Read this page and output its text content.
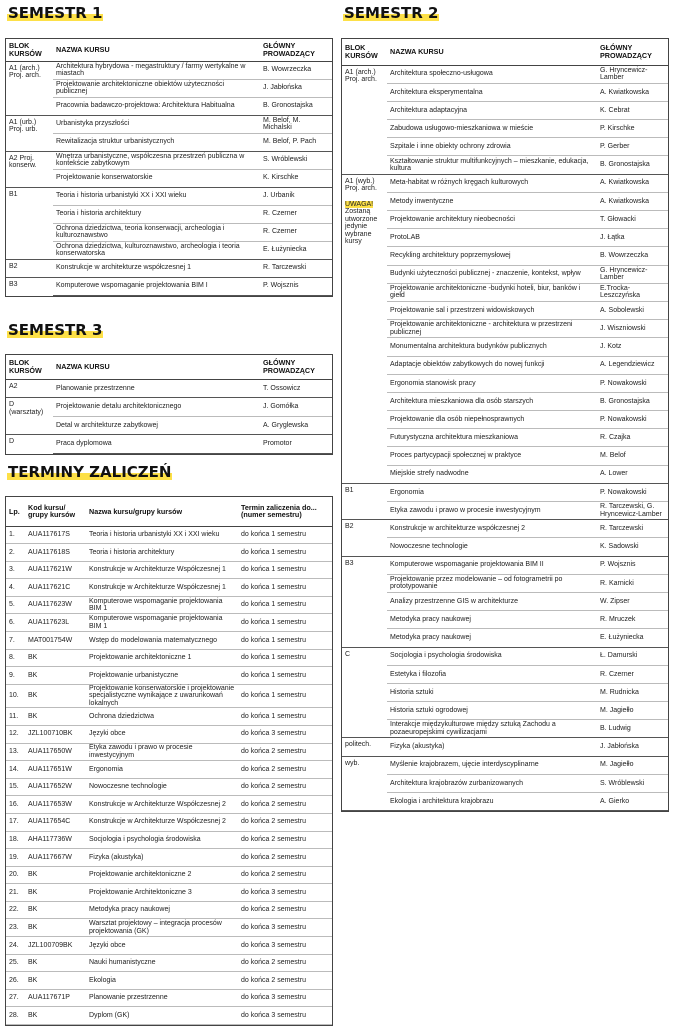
SEMESTR 1
BLOK KURSÓW	NAZWA KURSU	GŁÓWNY PROWADZĄCY

A1 (arch.) Proj. arch.	Architektura hybrydowa - megastruktury / farmy wertykalne w miastach	B. Wowrzeczka
	Projektowanie architektoniczne obiektów użyteczności publicznej	J. Jabłońska
	Pracownia badawczo-projektowa: Architektura Habitualna	B. Gronostajska

A1 (urb.) Proj. urb.	Urbanistyka przyszłości	M. Belof, M. Michalski
	Rewitalizacja struktur urbanistycznych	M. Belof, P. Pach

A2 Proj. konserw.	Wnętrza urbanistyczne, współczesna przestrzeń publiczna w kontekście zabytkowym	S. Wróblewski
	Projektowanie konserwatorskie	K. Kirschke

B1	Teoria i historia urbanistyki XX i XXI wieku	J. Urbanik
	Teoria i historia architektury	R. Czerner
	Ochrona dziedzictwa, teoria konserwacji, archeologia i kulturoznawstwo	R. Czerner
	Ochrona dziedzictwa, kulturoznawstwo, archeologia i teoria konserwatorska	E. Łużyniecka

B2	Konstrukcje w architekturze współczesnej 1	R. Tarczewski

B3	Komputerowe wspomaganie projektowania BIM I	P. Wojsznis
SEMESTR 3
BLOK KURSÓW	NAZWA KURSU	GŁÓWNY PROWADZĄCY

A2	Planowanie przestrzenne	T. Ossowicz

D (warsztaty)	Projektowanie detalu architektonicznego	J. Gomółka
	Detal w architekturze zabytkowej	A. Gryglewska

D	Praca dyplomowa	Promotor
TERMINY ZALICZEŃ
Lp.	Kod kursu/ grupy kursów	Nazwa kursu/grupy kursów	Termin zaliczenia do... (numer semestru)
1.	AUA117617S	Teoria i historia urbanistyki XX i XXI wieku	do końca 1 semestru
2.	AUA117618S	Teoria i historia architektury	do końca 1 semestru
3.	AUA117621W	Konstrukcje w Architekturze Współczesnej 1	do końca 1 semestru
4.	AUA117621C	Konstrukcje w Architekturze Współczesnej 1	do końca 1 semestru
5.	AUA117623W	Komputerowe wspomaganie projektowania BIM 1	do końca 1 semestru
6.	AUA117623L	Komputerowe wspomaganie projektowania BIM 1	do końca 1 semestru
7.	MAT001754W	Wstęp do modelowania matematycznego	do końca 1 semestru
8.	BK	Projektowanie architektoniczne 1	do końca 1 semestru
9.	BK	Projektowanie urbanistyczne	do końca 1 semestru
10.	BK	Projektowanie konserwatorskie i projektowanie specjalistyczne wynikające z uwarunkowań lokalnych	do końca 1 semestru
11.	BK	Ochrona dziedzictwa	do końca 1 semestru
12.	JZL100710BK	Języki obce	do końca 3 semestru
13.	AUA117650W	Etyka zawodu i prawo w procesie inwestycyjnym	do końca 2 semestru
14.	AUA117651W	Ergonomia	do końca 2 semestru
15.	AUA117652W	Nowoczesne technologie	do końca 2 semestru
16.	AUA117653W	Konstrukcje w Architekturze Współczesnej 2	do końca 2 semestru
17.	AUA117654C	Konstrukcje w Architekturze Współczesnej 2	do końca 2 semestru
18.	AHA117736W	Socjologia i psychologia środowiska	do końca 2 semestru
19.	AUA117667W	Fizyka (akustyka)	do końca 2 semestru
20.	BK	Projektowanie architektoniczne 2	do końca 2 semestru
21.	BK	Projektowanie Architektoniczne 3	do końca 3 semestru
22.	BK	Metodyka pracy naukowej	do końca 2 semestru
23.	BK	Warsztat projektowy – integracja procesów projektowania (GK)	do końca 3 semestru
24.	JZL100709BK	Języki obce	do końca 3 semestru
25.	BK	Nauki humanistyczne	do końca 2 semestru
26.	BK	Ekologia	do końca 2 semestru
27.	AUA117671P	Planowanie przestrzenne	do końca 3 semestru
28.	BK	Dyplom (GK)	do końca 3 semestru
SEMESTR 2
BLOK KURSÓW	NAZWA KURSU	GŁÓWNY PROWADZĄCY

A1 (arch.) Proj. arch.	Architektura społeczno-usługowa	G. Hryncewicz-Lamber
	Architektura eksperymentalna	A. Kwiatkowska
	Architektura adaptacyjna	K. Cebrat
	Zabudowa usługowo-mieszkaniowa w mieście	P. Kirschke
	Szpitale i inne obiekty ochrony zdrowia	P. Gerber
	Kształtowanie struktur multifunkcyjnych – mieszkanie, edukacja, kultura	B. Gronostajska

A1 (wyb.) Proj. arch.
UWAGA!
Zostaną utworzone jedynie wybrane kursy	Meta-habitat w różnych kręgach kulturowych	A. Kwiatkowska
	Metody inwentyczne	A. Kwiatkowska
	Projektowanie architektury nieobecności	T. Głowacki
	ProtoLAB	J. Łątka
	Recykling architektury poprzemysłowej	B. Wowrzeczka
	Budynki użyteczności publicznej - znaczenie, kontekst, wpływ	G. Hryncewicz-Lamber
	Projektowanie architektoniczne -budynki hoteli, biur, banków i giełd	E.Trocka-Leszczyńska
	Projektowanie sal i przestrzeni widowiskowych	A. Sobolewski
	Projektowanie architektoniczne - architektura w przestrzeni publicznej	J. Wiszniowski
	Monumentalna architektura budynków publicznych	J. Kotz
	Adaptacje obiektów zabytkowych do nowej funkcji	A. Legendziewicz
	Ergonomia stanowisk pracy	P. Nowakowski
	Architektura mieszkaniowa dla osób starszych	B. Gronostajska
	Projektowanie dla osób niepełnosprawnych	P. Nowakowski
	Futurystyczna architektura mieszkaniowa	R. Czajka
	Proces partycypacji społecznej w praktyce	M. Belof
	Miejskie strefy nadwodne	A. Lower

B1	Ergonomia	P. Nowakowski
	Etyka zawodu i prawo w procesie inwestycyjnym	R. Tarczewski, G. Hryncewicz-Lamber

B2	Konstrukcje w architekturze współczesnej 2	R. Tarczewski
	Nowoczesne technologie	K. Sadowski

B3	Komputerowe wspomaganie projektowania BIM II	P. Wojsznis
	Projektowanie przez modelowanie – od fotogrametrii po prototypowanie	R. Karnicki
	Analizy przestrzenne GIS w architekturze	W. Zipser
	Metodyka pracy naukowej	R. Mruczek
	Metodyka pracy naukowej	E. Łużyniecka

C	Socjologia i psychologia środowiska	Ł. Damurski
	Estetyka i filozofia	R. Czerner
	Historia sztuki	M. Rudnicka
	Historia sztuki ogrodowej	M. Jagiełło
	Interakcje międzykulturowe między sztuką Zachodu a pozaeuropejskimi cywilizacjami	B. Ludwig

politech.	Fizyka (akustyka)	J. Jabłońska

wyb.	Myślenie krajobrazem, ujęcie interdyscyplinarne	M. Jagiełło
	Architektura krajobrazów zurbanizowanych	S. Wróblewski
	Ekologia i architektura krajobrazu	A. Gierko
